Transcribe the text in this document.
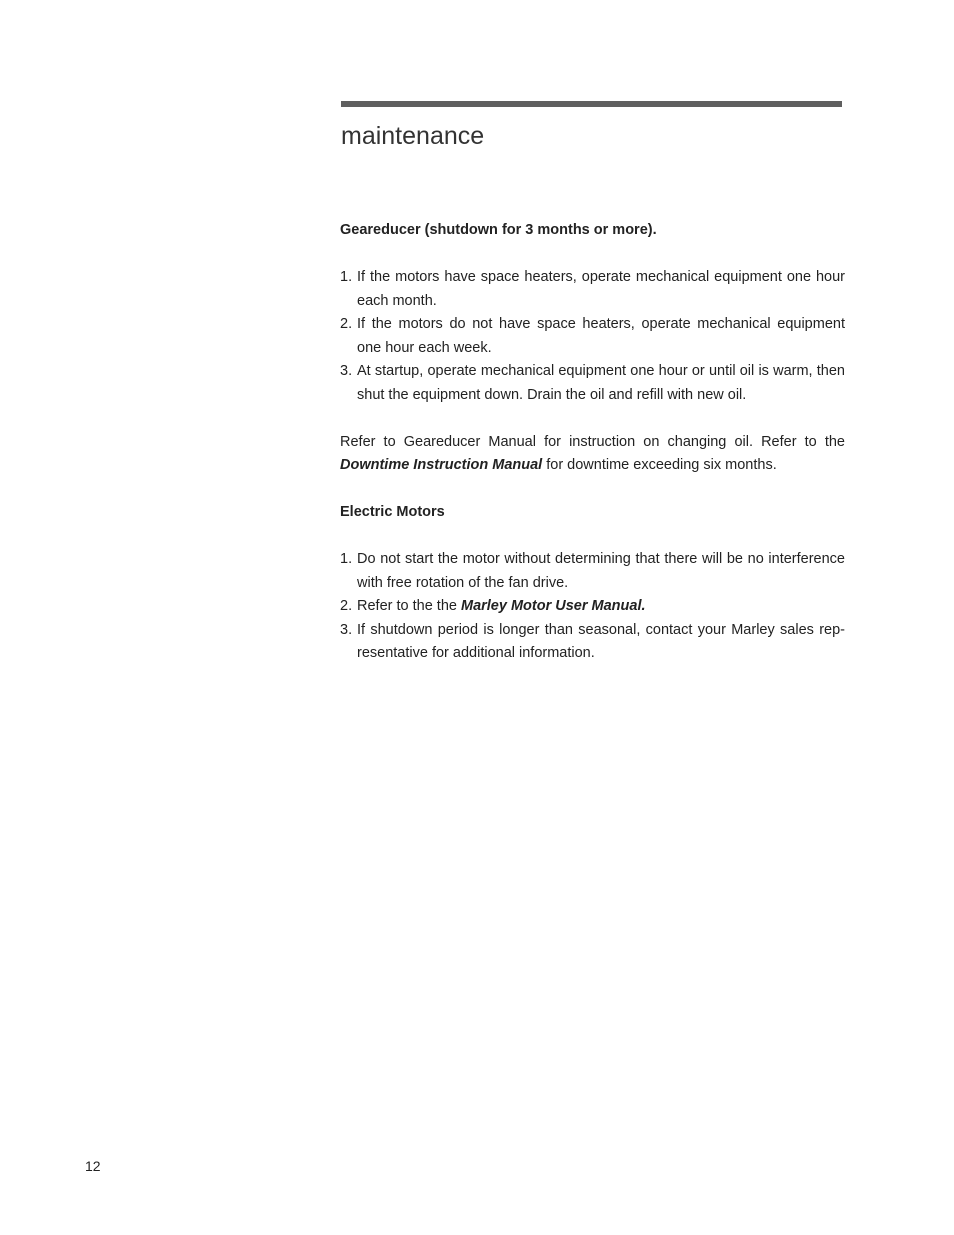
maintenance
Geareducer (shutdown for 3 months or more).
1. If the motors have space heaters, operate mechanical equipment one hour each month.
2. If the motors do not have space heaters, operate mechanical equipment one hour each week.
3. At startup, operate mechanical equipment one hour or until oil is warm, then shut the equipment down. Drain the oil and refill with new oil.

Refer to Geareducer Manual for instruction on changing oil. Refer to the Downtime Instruction Manual for downtime exceeding six months.

Electric Motors
1. Do not start the motor without determining that there will be no interference with free rotation of the fan drive.
2. Refer to the the Marley Motor User Manual.
3. If shutdown period is longer than seasonal, contact your Marley sales representative for additional information.
12
